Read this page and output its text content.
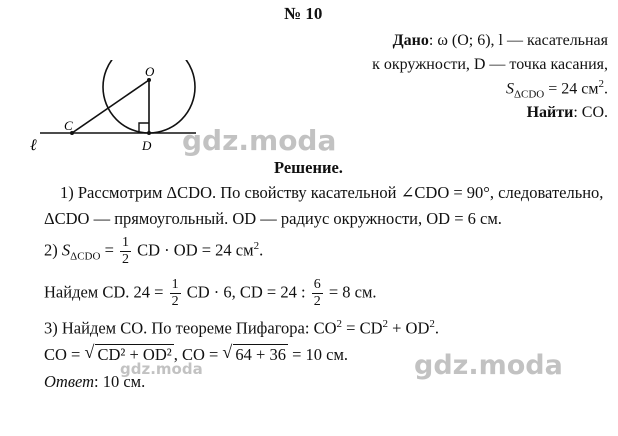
№ 10
O
C
D
ℓ
Дано: ω (O; 6), l — касательная
к окружности, D — точка касания,
$S_{\Delta CDO} = 24$ $см^2$.
Найти: CO.
gdz.moda
Решение.
1) Рассмотрим ΔCDO. По свойству касательной ∠CDO = 90°, следовательно,
ΔCDO — прямоугольный. OD — радиус окружности, OD = 6 см.
2) $S_{\Delta CDO} = \frac{1}{2}$ CD · OD = 24 $см^2$.
Найдем CD. $24 = \frac{1}{2}$ CD · 6, CD = 24 : $\frac{6}{2} = 8$ см.
3) Найдем CO. По теореме Пифагора: $CO^2 = CD^2 + OD^2$.
CO = √ CD² + OD² , CO = √ 64 + 36 = 10 см.
gdz.moda	gdz.moda
Ответ: 10 см.
